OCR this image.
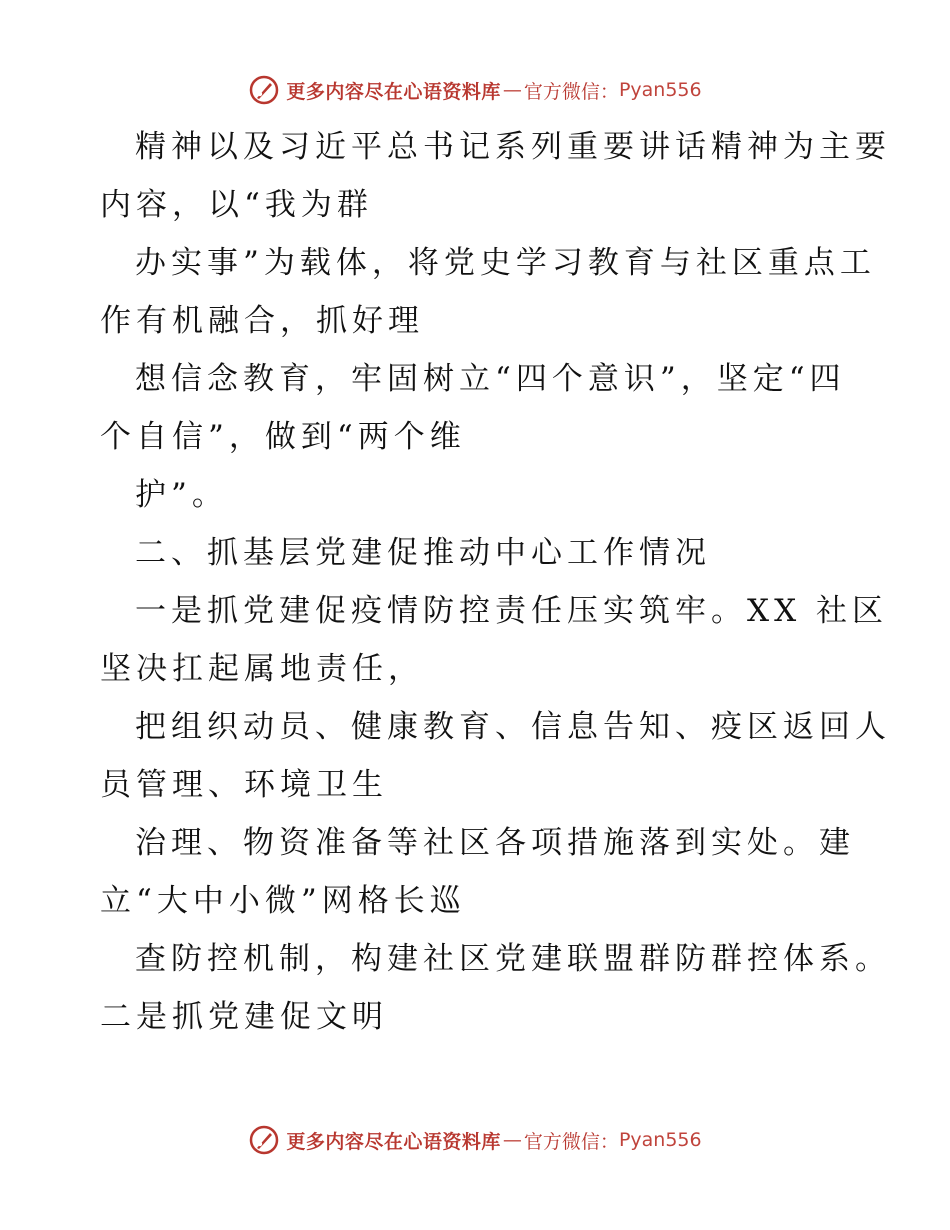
更多内容尽在心语资料库 — 官方微信： Pyan556
精神以及习近平总书记系列重要讲话精神为主要
内容，以“我为群
办实事”为载体，将党史学习教育与社区重点工
作有机融合，抓好理
想信念教育，牢固树立“四个意识”，坚定“四
个自信”，做到“两个维
护”。
二、抓基层党建促推动中心工作情况
一是抓党建促疫情防控责任压实筑牢。XX 社区
坚决扛起属地责任，
把组织动员、健康教育、信息告知、疫区返回人
员管理、环境卫生
治理、物资准备等社区各项措施落到实处。建
立“大中小微”网格长巡
查防控机制，构建社区党建联盟群防群控体系。
二是抓党建促文明
更多内容尽在心语资料库 — 官方微信： Pyan556
